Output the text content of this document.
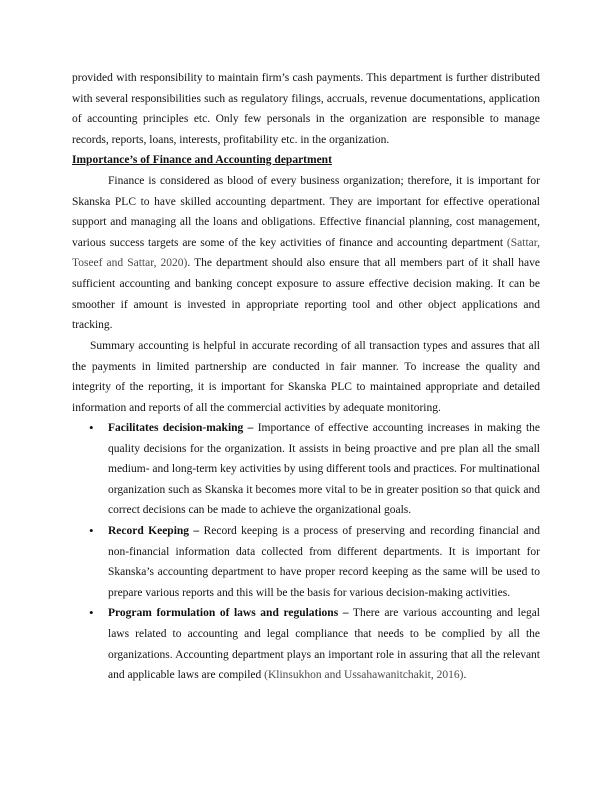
provided with responsibility to maintain firm’s cash payments. This department is further distributed with several responsibilities such as regulatory filings, accruals, revenue documentations, application of accounting principles etc. Only few personals in the organization are responsible to manage records, reports, loans, interests, profitability etc. in the organization.

Importance’s of Finance and Accounting department

Finance is considered as blood of every business organization; therefore, it is important for Skanska PLC to have skilled accounting department. They are important for effective operational support and managing all the loans and obligations. Effective financial planning, cost management, various success targets are some of the key activities of finance and accounting department (Sattar, Toseef and Sattar, 2020). The department should also ensure that all members part of it shall have sufficient accounting and banking concept exposure to assure effective decision making. It can be smoother if amount is invested in appropriate reporting tool and other object applications and tracking.

Summary accounting is helpful in accurate recording of all transaction types and assures that all the payments in limited partnership are conducted in fair manner. To increase the quality and integrity of the reporting, it is important for Skanska PLC to maintained appropriate and detailed information and reports of all the commercial activities by adequate monitoring.

• Facilitates decision-making – Importance of effective accounting increases in making the quality decisions for the organization. It assists in being proactive and pre plan all the small medium- and long-term key activities by using different tools and practices. For multinational organization such as Skanska it becomes more vital to be in greater position so that quick and correct decisions can be made to achieve the organizational goals.
• Record Keeping – Record keeping is a process of preserving and recording financial and non-financial information data collected from different departments. It is important for Skanska’s accounting department to have proper record keeping as the same will be used to prepare various reports and this will be the basis for various decision-making activities.
• Program formulation of laws and regulations – There are various accounting and legal laws related to accounting and legal compliance that needs to be complied by all the organizations. Accounting department plays an important role in assuring that all the relevant and applicable laws are compiled (Klinsukhon and Ussahawanitchakit, 2016).
